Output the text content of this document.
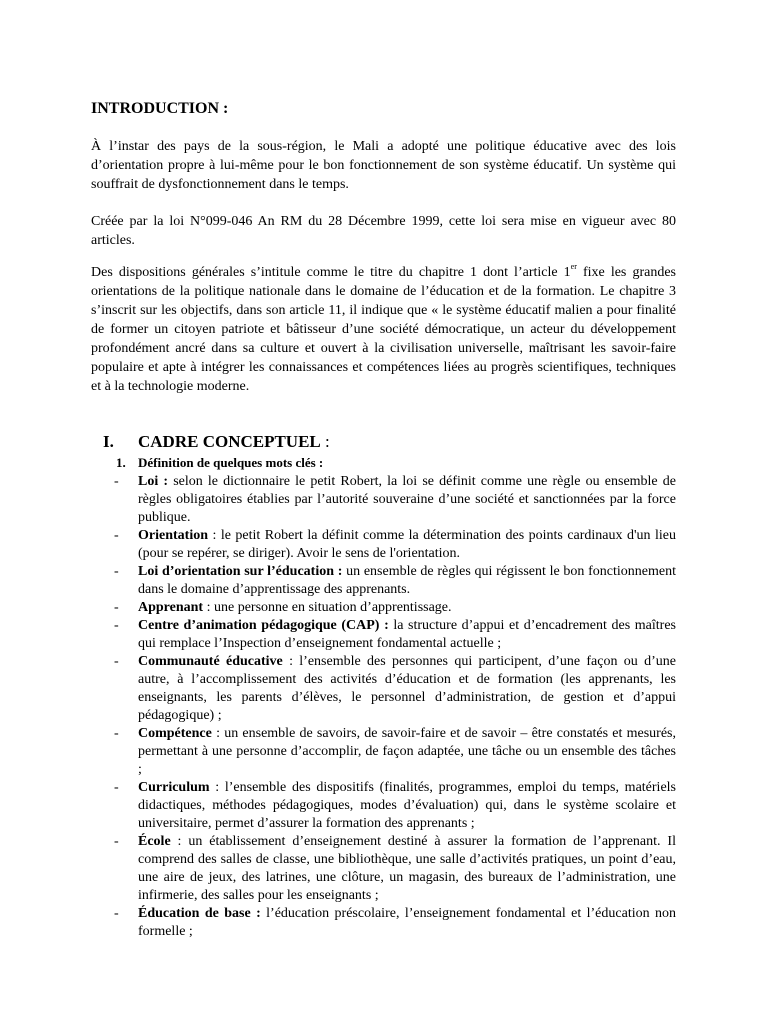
INTRODUCTION :

À l’instar des pays de la sous-région, le Mali a adopté une politique éducative avec des lois d’orientation propre à lui-même pour le bon fonctionnement de son système éducatif. Un système qui souffrait de dysfonctionnement dans le temps.

Créée par la loi N°099-046 An RM du 28 Décembre 1999, cette loi sera mise en vigueur avec 80 articles.

Des dispositions générales s’intitule comme le titre du chapitre 1 dont l’article 1er fixe les grandes orientations de la politique nationale dans le domaine de l’éducation et de la formation. Le chapitre 3 s’inscrit sur les objectifs, dans son article 11, il indique que « le système éducatif malien a pour finalité de former un citoyen patriote et bâtisseur d’une société démocratique, un acteur du développement profondément ancré dans sa culture et ouvert à la civilisation universelle, maîtrisant les savoir-faire populaire et apte à intégrer les connaissances et compétences liées au progrès scientifiques, techniques et à la technologie moderne.

I. CADRE CONCEPTUEL :
1. Définition de quelques mots clés :
- Loi : selon le dictionnaire le petit Robert, la loi se définit comme une règle ou ensemble de règles obligatoires établies par l’autorité souveraine d’une société et sanctionnées par la force publique.
- Orientation : le petit Robert la définit comme la détermination des points cardinaux d'un lieu (pour se repérer, se diriger). Avoir le sens de l'orientation.
- Loi d’orientation sur l’éducation : un ensemble de règles qui régissent le bon fonctionnement dans le domaine d’apprentissage des apprenants.
- Apprenant : une personne en situation d’apprentissage.
- Centre d’animation pédagogique (CAP) : la structure d’appui et d’encadrement des maîtres qui remplace l’Inspection d’enseignement fondamental actuelle ;
- Communauté éducative : l’ensemble des personnes qui participent, d’une façon ou d’une autre, à l’accomplissement des activités d’éducation et de formation (les apprenants, les enseignants, les parents d’élèves, le personnel d’administration, de gestion et d’appui pédagogique) ;
- Compétence : un ensemble de savoirs, de savoir-faire et de savoir – être constatés et mesurés, permettant à une personne d’accomplir, de façon adaptée, une tâche ou un ensemble des tâches ;
- Curriculum : l’ensemble des dispositifs (finalités, programmes, emploi du temps, matériels didactiques, méthodes pédagogiques, modes d’évaluation) qui, dans le système scolaire et universitaire, permet d’assurer la formation des apprenants ;
- École : un établissement d’enseignement destiné à assurer la formation de l’apprenant. Il comprend des salles de classe, une bibliothèque, une salle d’activités pratiques, un point d’eau, une aire de jeux, des latrines, une clôture, un magasin, des bureaux de l’administration, une infirmerie, des salles pour les enseignants ;
- Éducation de base : l’éducation préscolaire, l’enseignement fondamental et l’éducation non formelle ;
